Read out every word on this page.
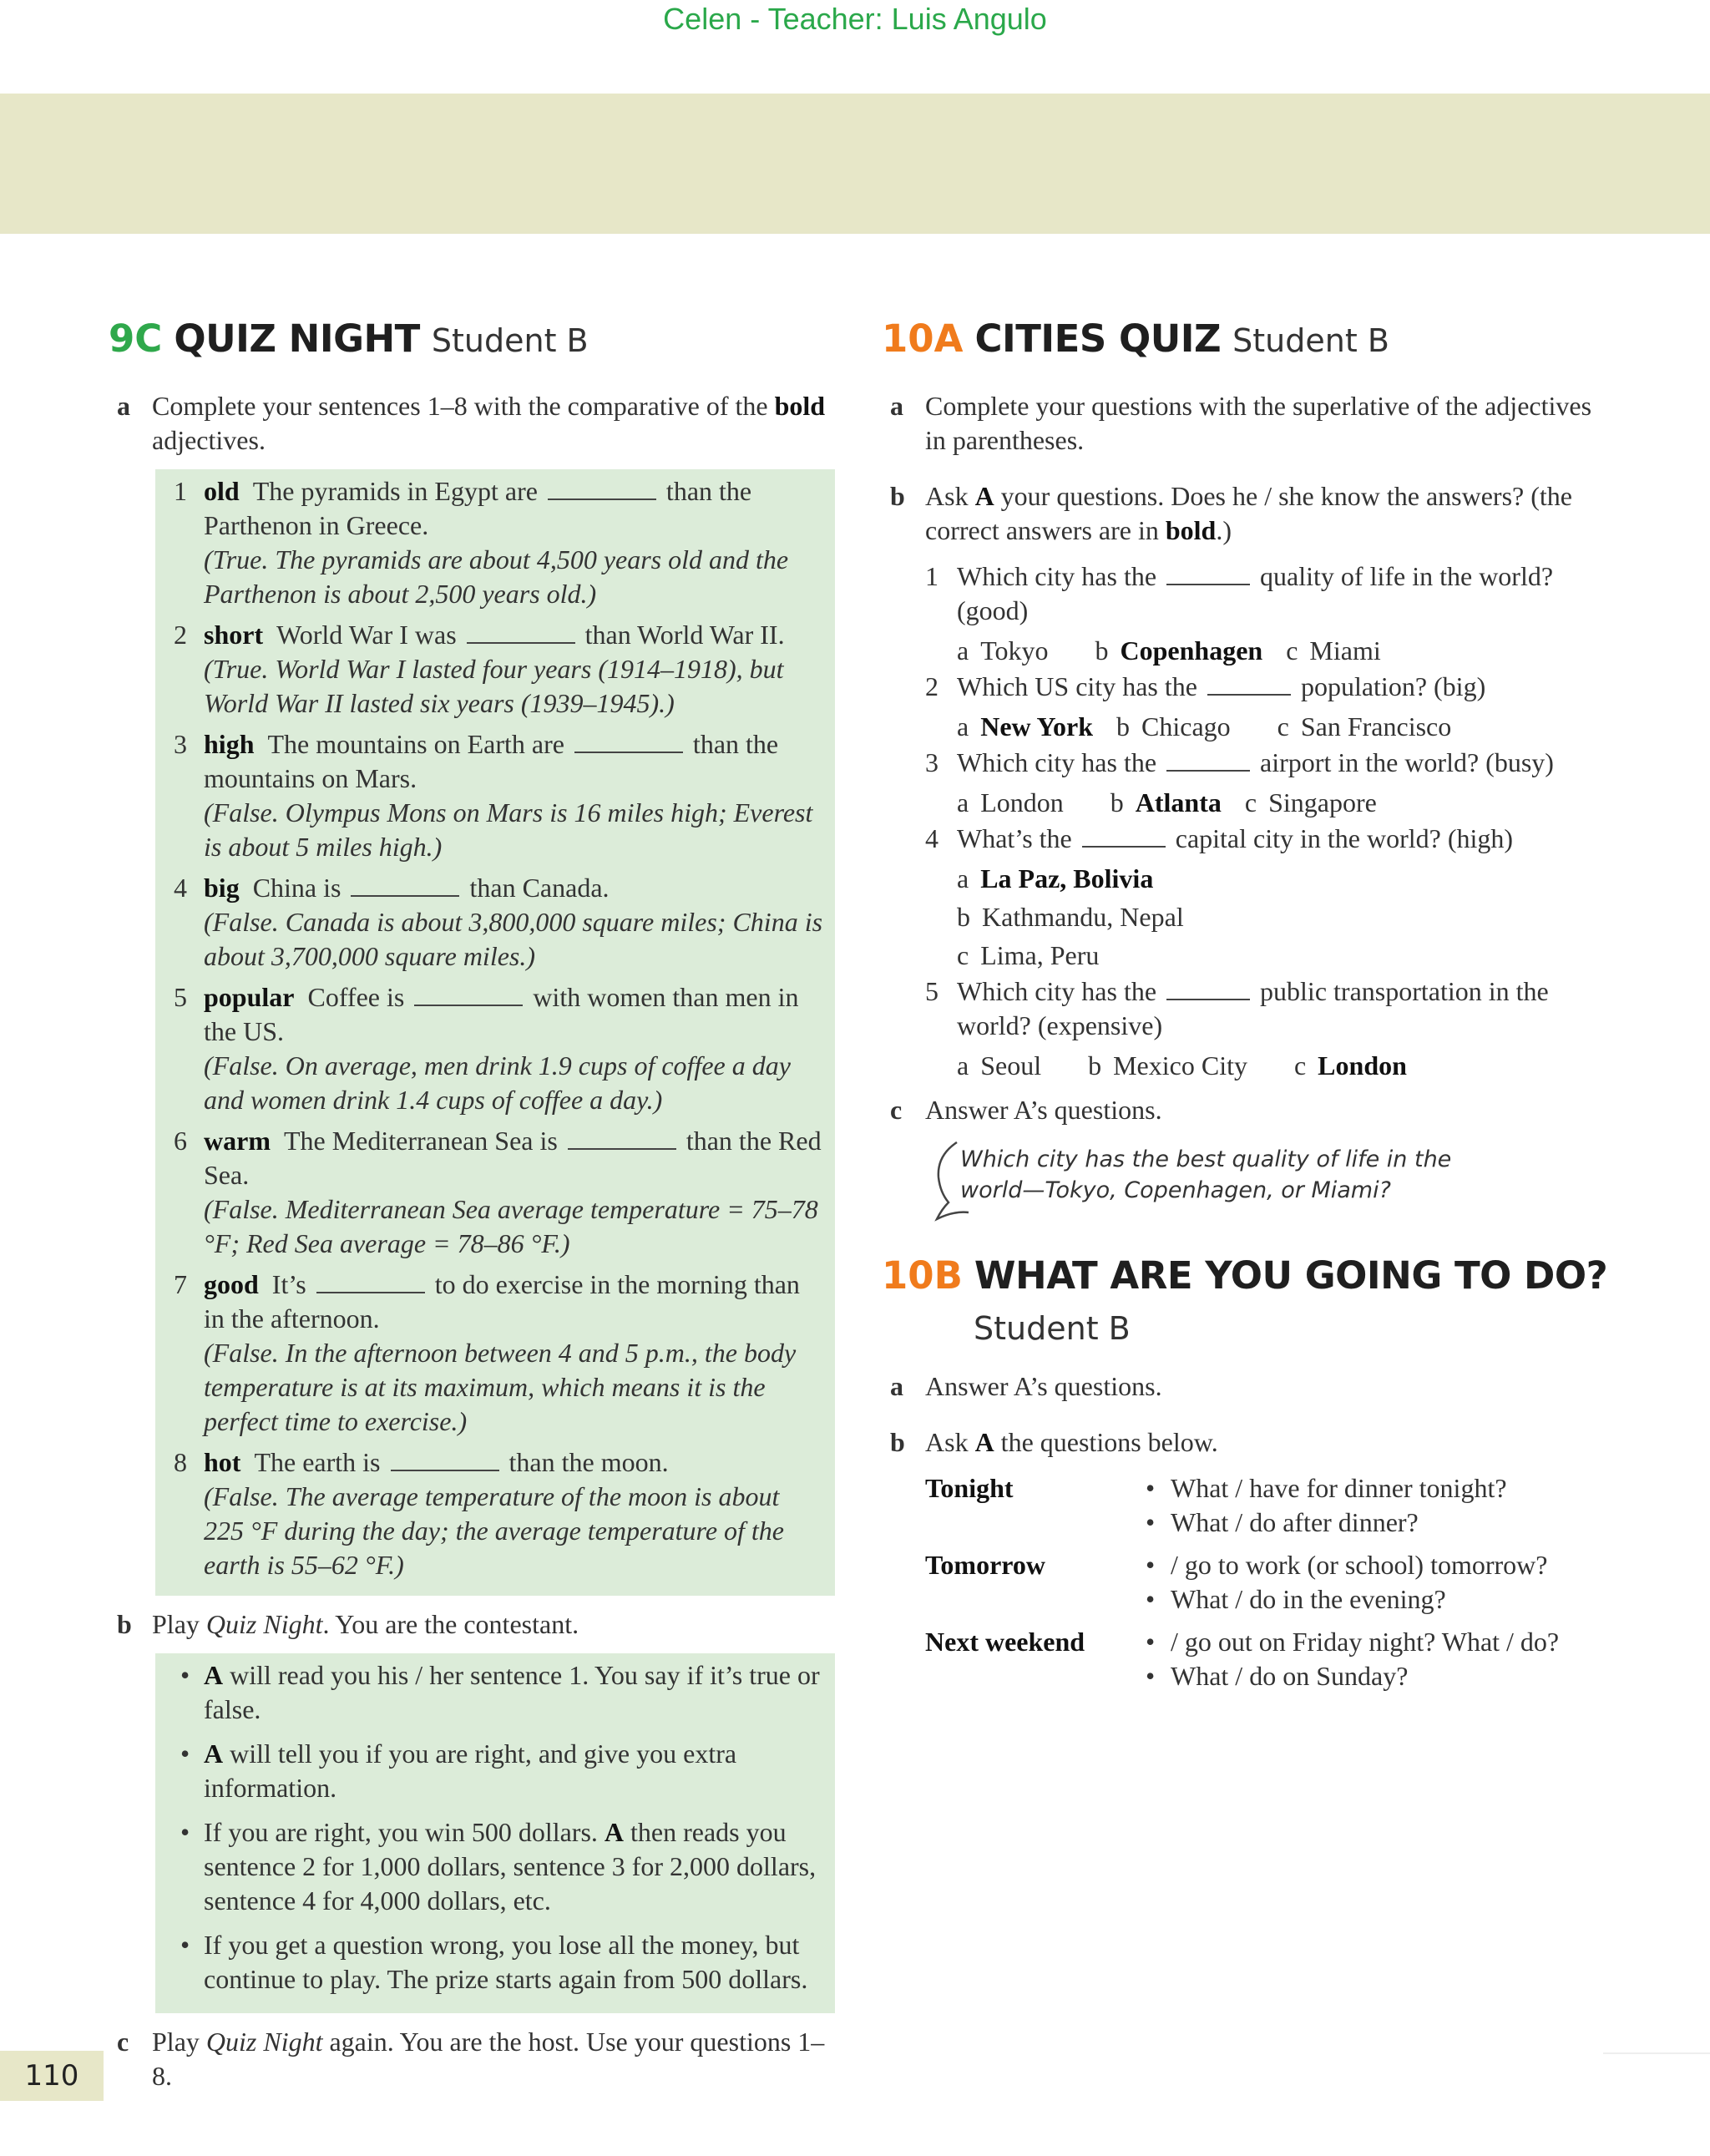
Celen - Teacher: Luis Angulo
9C QUIZ NIGHT Student B
a Complete your sentences 1–8 with the comparative of the bold adjectives.
1 old The pyramids in Egypt are	than the Parthenon in Greece.
(True. The pyramids are about 4,500 years old and the Parthenon is about 2,500 years old.)
2 short World War I was	than World War II.
(True. World War I lasted four years (1914–1918), but World War II lasted six years (1939–1945).)
3 high The mountains on Earth are	than the mountains on Mars.
(False. Olympus Mons on Mars is 16 miles high; Everest is about 5 miles high.)
4 big China is	than Canada.
(False. Canada is about 3,800,000 square miles; China is about 3,700,000 square miles.)
5 popular Coffee is	with women than men in the US.
(False. On average, men drink 1.9 cups of coffee a day and women drink 1.4 cups of coffee a day.)
6 warm The Mediterranean Sea is	than the Red Sea.
(False. Mediterranean Sea average temperature = 75–78 °F; Red Sea average = 78–86 °F.)
7 good It’s	to do exercise in the morning than in the afternoon.
(False. In the afternoon between 4 and 5 p.m., the body temperature is at its maximum, which means it is the perfect time to exercise.)
8 hot The earth is	than the moon.
(False. The average temperature of the moon is about 225 °F during the day; the average temperature of the earth is 55–62 °F.)
b Play Quiz Night. You are the contestant.
• A will read you his / her sentence 1. You say if it’s true or false.
• A will tell you if you are right, and give you extra information.
• If you are right, you win 500 dollars. A then reads you sentence 2 for 1,000 dollars, sentence 3 for 2,000 dollars, sentence 4 for 4,000 dollars, etc.
• If you get a question wrong, you lose all the money, but continue to play. The prize starts again from 500 dollars.
c Play Quiz Night again. You are the host. Use your questions 1–8.
10A CITIES QUIZ Student B
a Complete your questions with the superlative of the adjectives in parentheses.
b Ask A your questions. Does he / she know the answers? (the correct answers are in bold.)
1 Which city has the	quality of life in the world? (good)
a Tokyo b Copenhagen c Miami
2 Which US city has the	population? (big)
a New York b Chicago c San Francisco
3 Which city has the	airport in the world? (busy)
a London b Atlanta c Singapore
4 What’s the	capital city in the world? (high)
a La Paz, Bolivia
b Kathmandu, Nepal
c Lima, Peru
5 Which city has the	public transportation in the world? (expensive)
a Seoul b Mexico City c London
c Answer A’s questions.
Which city has the best quality of life in the world—Tokyo, Copenhagen, or Miami?
10B WHAT ARE YOU GOING TO DO?
Student B
a Answer A’s questions.
b Ask A the questions below.
Tonight	• What / have for dinner tonight?
• What / do after dinner?
Tomorrow	• / go to work (or school) tomorrow?
• What / do in the evening?
Next weekend	• / go out on Friday night? What / do?
• What / do on Sunday?
110
